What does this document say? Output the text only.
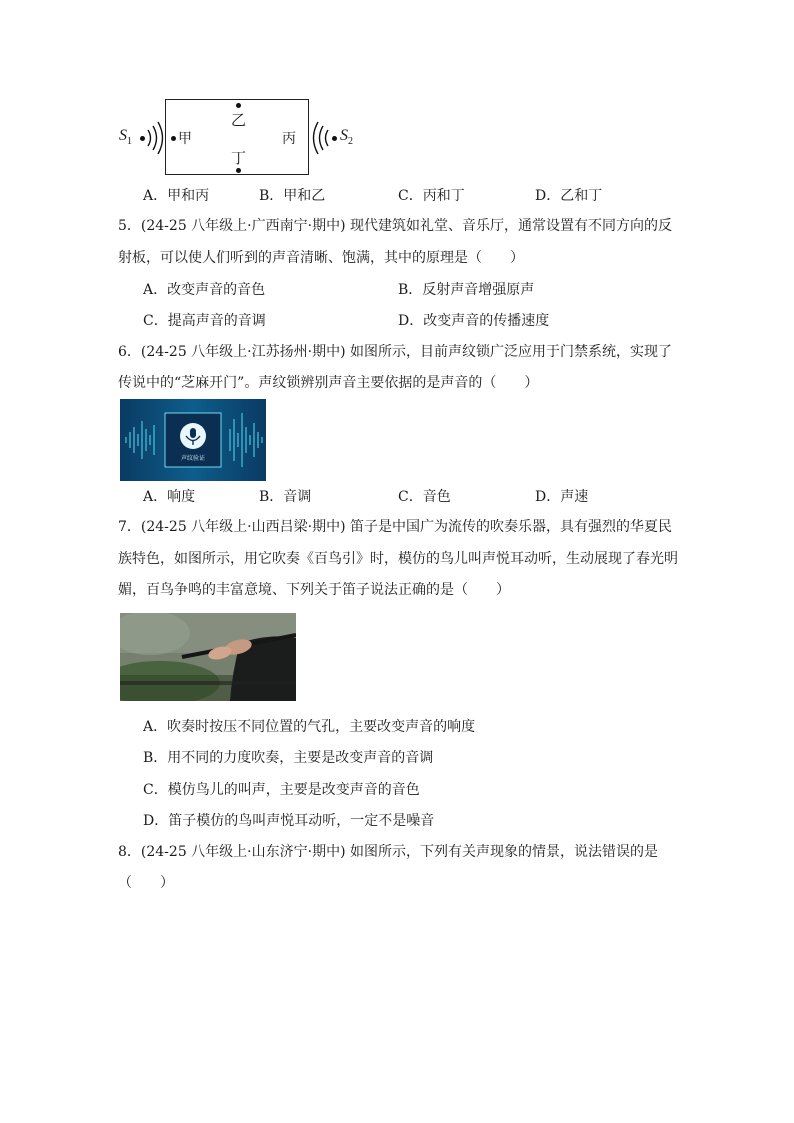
$S_1$	甲
乙
丁
丙	$S_2$
A．甲和丙	B．甲和乙	C．丙和丁	D．乙和丁
5．(24-25 八年级上·广西南宁·期中) 现代建筑如礼堂、音乐厅，通常设置有不同方向的反
射板，可以使人们听到的声音清晰、饱满，其中的原理是（　　）
A．改变声音的音色	B．反射声音增强原声
C．提高声音的音调	D．改变声音的传播速度
6．(24-25 八年级上·江苏扬州·期中) 如图所示，目前声纹锁广泛应用于门禁系统，实现了
传说中的“芝麻开门”。声纹锁辨别声音主要依据的是声音的（　　）
声纹验证
A．响度	B．音调	C．音色	D．声速
7．(24-25 八年级上·山西吕梁·期中) 笛子是中国广为流传的吹奏乐器，具有强烈的华夏民
族特色，如图所示，用它吹奏《百鸟引》时，模仿的鸟儿叫声悦耳动听，生动展现了春光明
媚，百鸟争鸣的丰富意境、下列关于笛子说法正确的是（　　）
A．吹奏时按压不同位置的气孔，主要改变声音的响度
B．用不同的力度吹奏，主要是改变声音的音调
C．模仿鸟儿的叫声，主要是改变声音的音色
D．笛子模仿的鸟叫声悦耳动听，一定不是噪音
8．(24-25 八年级上·山东济宁·期中) 如图所示，下列有关声现象的情景，说法错误的是
（　　）
